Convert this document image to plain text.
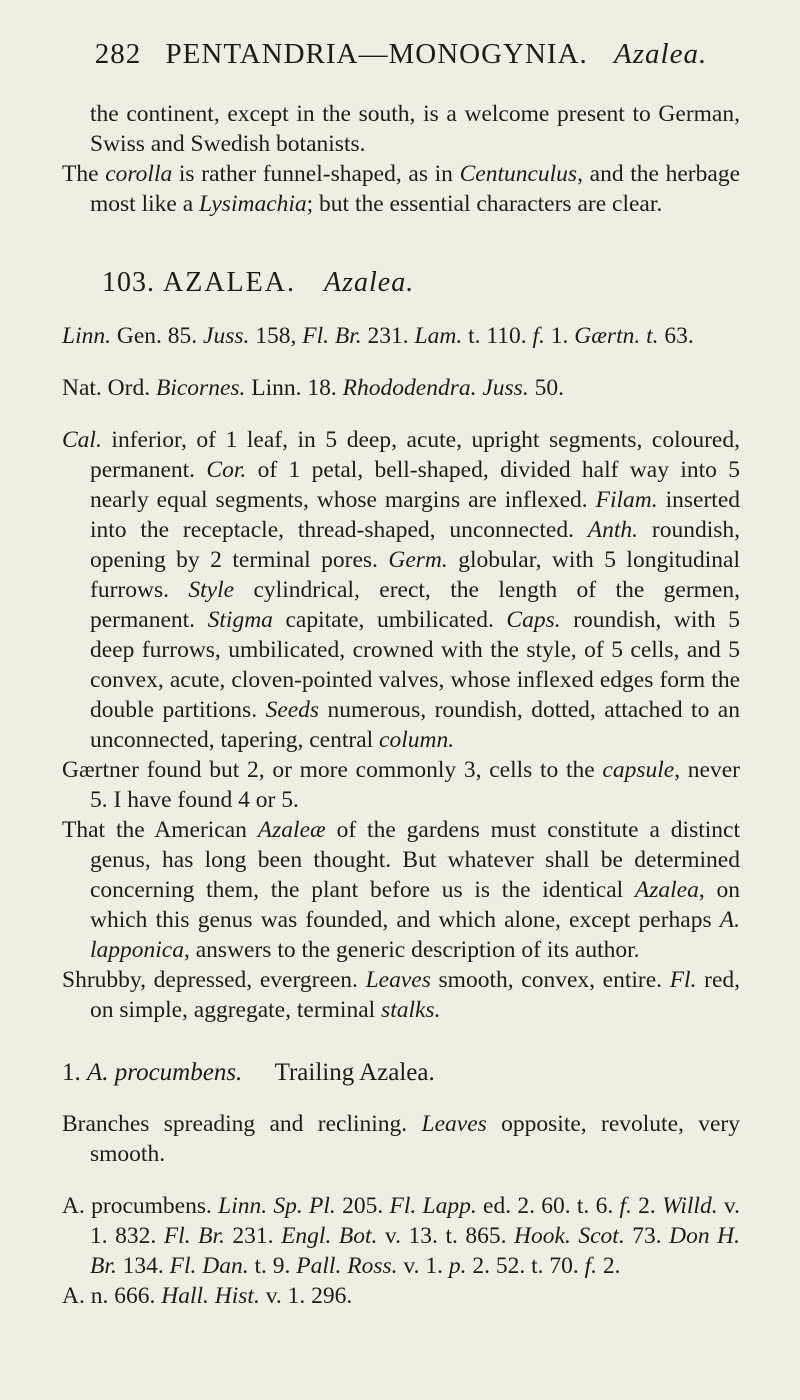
282 PENTANDRIA—MONOGYNIA. Azalea.

the continent, except in the south, is a welcome present to German, Swiss and Swedish botanists.

The corolla is rather funnel-shaped, as in Centunculus, and the herbage most like a Lysimachia; but the essential characters are clear.

103. AZALEA. Azalea.

Linn. Gen. 85. Juss. 158, Fl. Br. 231. Lam. t. 110. f. 1. Gærtn. t. 63.

Nat. Ord. Bicornes. Linn. 18. Rhododendra. Juss. 50.

Cal. inferior, of 1 leaf, in 5 deep, acute, upright segments, coloured, permanent. Cor. of 1 petal, bell-shaped, divided half way into 5 nearly equal segments, whose margins are inflexed. Filam. inserted into the receptacle, thread-shaped, unconnected. Anth. roundish, opening by 2 terminal pores. Germ. globular, with 5 longitudinal furrows. Style cylindrical, erect, the length of the germen, permanent. Stigma capitate, umbilicated. Caps. roundish, with 5 deep furrows, umbilicated, crowned with the style, of 5 cells, and 5 convex, acute, cloven-pointed valves, whose inflexed edges form the double partitions. Seeds numerous, roundish, dotted, attached to an unconnected, tapering, central column.

Gærtner found but 2, or more commonly 3, cells to the capsule, never 5. I have found 4 or 5.

That the American Azaleæ of the gardens must constitute a distinct genus, has long been thought. But whatever shall be determined concerning them, the plant before us is the identical Azalea, on which this genus was founded, and which alone, except perhaps A. lapponica, answers to the generic description of its author.

Shrubby, depressed, evergreen. Leaves smooth, convex, entire. Fl. red, on simple, aggregate, terminal stalks.

1. A. procumbens. Trailing Azalea.

Branches spreading and reclining. Leaves opposite, revolute, very smooth.

A. procumbens. Linn. Sp. Pl. 205. Fl. Lapp. ed. 2. 60. t. 6. f. 2. Willd. v. 1. 832. Fl. Br. 231. Engl. Bot. v. 13. t. 865. Hook. Scot. 73. Don H. Br. 134. Fl. Dan. t. 9. Pall. Ross. v. 1. p. 2. 52. t. 70. f. 2.

A. n. 666. Hall. Hist. v. 1. 296.
